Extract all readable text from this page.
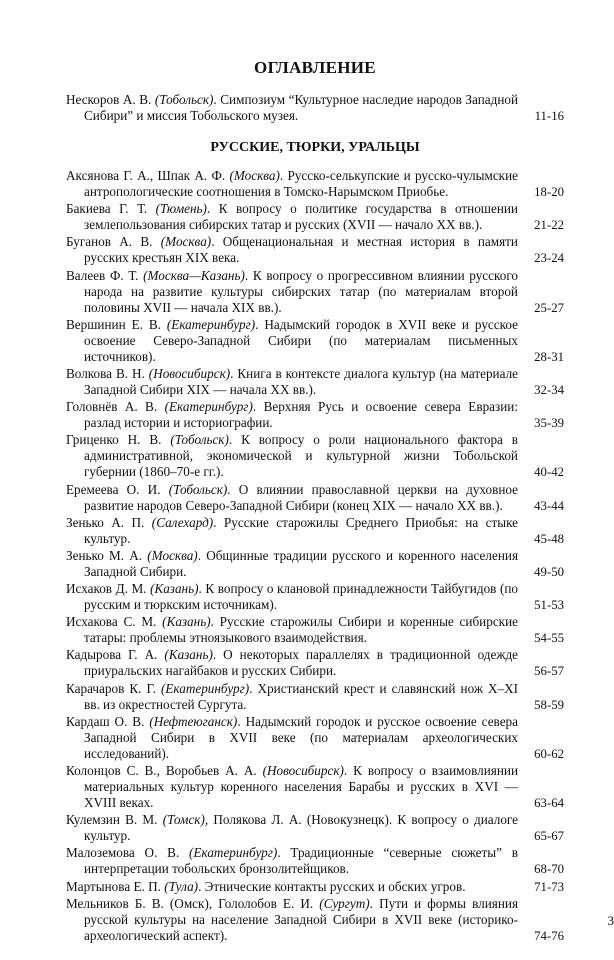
ОГЛАВЛЕНИЕ
Нескоров А. В. (Тобольск). Симпозиум “Культурное наследие народов Западной Сибири” и миссия Тобольского музея.	11-16
РУССКИЕ, ТЮРКИ, УРАЛЬЦЫ
Аксянова Г. А., Шпак А. Ф. (Москва). Русско-селькупские и русско-чулымские антропологические соотношения в Томско-Нарымском Приобье.	18-20
Бакиева Г. Т. (Тюмень). К вопросу о политике государства в отношении землепользования сибирских татар и русских (XVII — начало XX вв.).	21-22
Буганов А. В. (Москва). Общенациональная и местная история в памяти русских крестьян XIX века.	23-24
Валеев Ф. Т. (Москва—Казань). К вопросу о прогрессивном влиянии русского народа на развитие культуры сибирских татар (по материалам второй половины XVII — начала XIX вв.).	25-27
Вершинин Е. В. (Екатеринбург). Надымский городок в XVII веке и русское освоение Северо-Западной Сибири (по материалам письменных источников).	28-31
Волкова В. Н. (Новосибирск). Книга в контексте диалога культур (на материале Западной Сибири XIX — начала XX вв.).	32-34
Головнёв А. В. (Екатеринбург). Верхняя Русь и освоение севера Евразии: разлад истории и историографии.	35-39
Гриценко Н. В. (Тобольск). К вопросу о роли национального фактора в административной, экономической и культурной жизни Тобольской губернии (1860–70-е гг.).	40-42
Еремеева О. И. (Тобольск). О влиянии православной церкви на духовное развитие народов Северо-Западной Сибири (конец XIX — начало XX вв.).	43-44
Зенько А. П. (Салехард). Русские старожилы Среднего Приобья: на стыке культур.	45-48
Зенько М. А. (Москва). Общинные традиции русского и коренного населения Западной Сибири.	49-50
Исхаков Д. М. (Казань). К вопросу о клановой принадлежности Тайбугидов (по русским и тюркским источникам).	51-53
Исхакова С. М. (Казань). Русские старожилы Сибири и коренные сибирские татары: проблемы этноязыкового взаимодействия.	54-55
Кадырова Г. А. (Казань). О некоторых параллелях в традиционной одежде приуральских нагайбаков и русских Сибири.	56-57
Карачаров К. Г. (Екатеринбург). Христианский крест и славянский нож X–XI вв. из окрестностей Сургута.	58-59
Кардаш О. В. (Нефтеюганск). Надымский городок и русское освоение севера Западной Сибири в XVII веке (по материалам археологических исследований).	60-62
Колонцов С. В., Воробьев А. А. (Новосибирск). К вопросу о взаимовлиянии материальных культур коренного населения Барабы и русских в XVI — XVIII веках.	63-64
Кулемзин В. М. (Томск), Полякова Л. А. (Новокузнецк). К вопросу о диалоге культур.	65-67
Малоземова О. В. (Екатеринбург). Традиционные “северные сюжеты” в интерпретации тобольских бронзолитейщиков.	68-70
Мартынова Е. П. (Тула). Этнические контакты русских и обских угров.	71-73
Мельников Б. В. (Омск), Гололобов Е. И. (Сургут). Пути и формы влияния русской культуры на население Западной Сибири в XVII веке (историко-археологический аспект).	74-76
3
